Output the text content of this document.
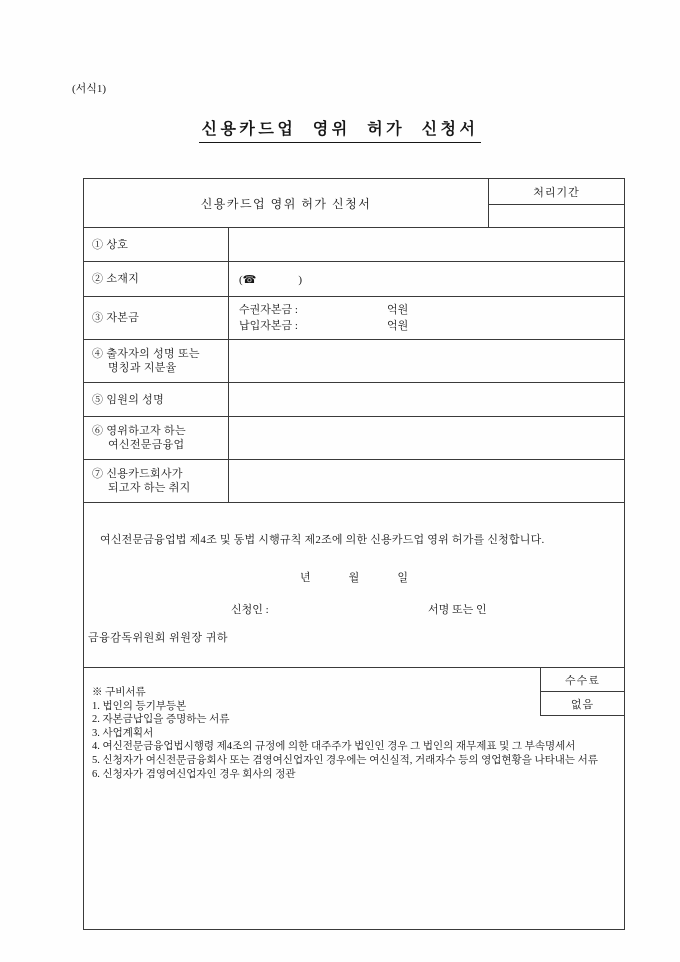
(서식1)
신용카드업 영위 허가 신청서
신용카드업 영위 허가 신청서
처리기간
① 상호
② 소재지	(☎	)
③ 자본금
수권자본금 :	억원
납입자본금 :	억원
④ 출자자의 성명 또는
명칭과 지분율
⑤ 임원의 성명
⑥ 영위하고자 하는
여신전문금융업
⑦ 신용카드회사가
되고자 하는 취지
여신전문금융업법 제4조 및 동법 시행규칙 제2조에 의한 신용카드업 영위 허가를 신청합니다.
년	월	일
신청인 :	서명 또는 인
금융감독위원회 위원장 귀하
※ 구비서류
1. 법인의 등기부등본
2. 자본금납입을 증명하는 서류
3. 사업계획서
4. 여신전문금융업법시행령 제4조의 규정에 의한 대주주가 법인인 경우 그 법인의 재무제표 및 그 부속명세서
5. 신청자가 여신전문금융회사 또는 겸영여신업자인 경우에는 여신실적, 거래자수 등의 영업현황을 나타내는 서류
6. 신청자가 겸영여신업자인 경우 회사의 정관
수수료
없음
